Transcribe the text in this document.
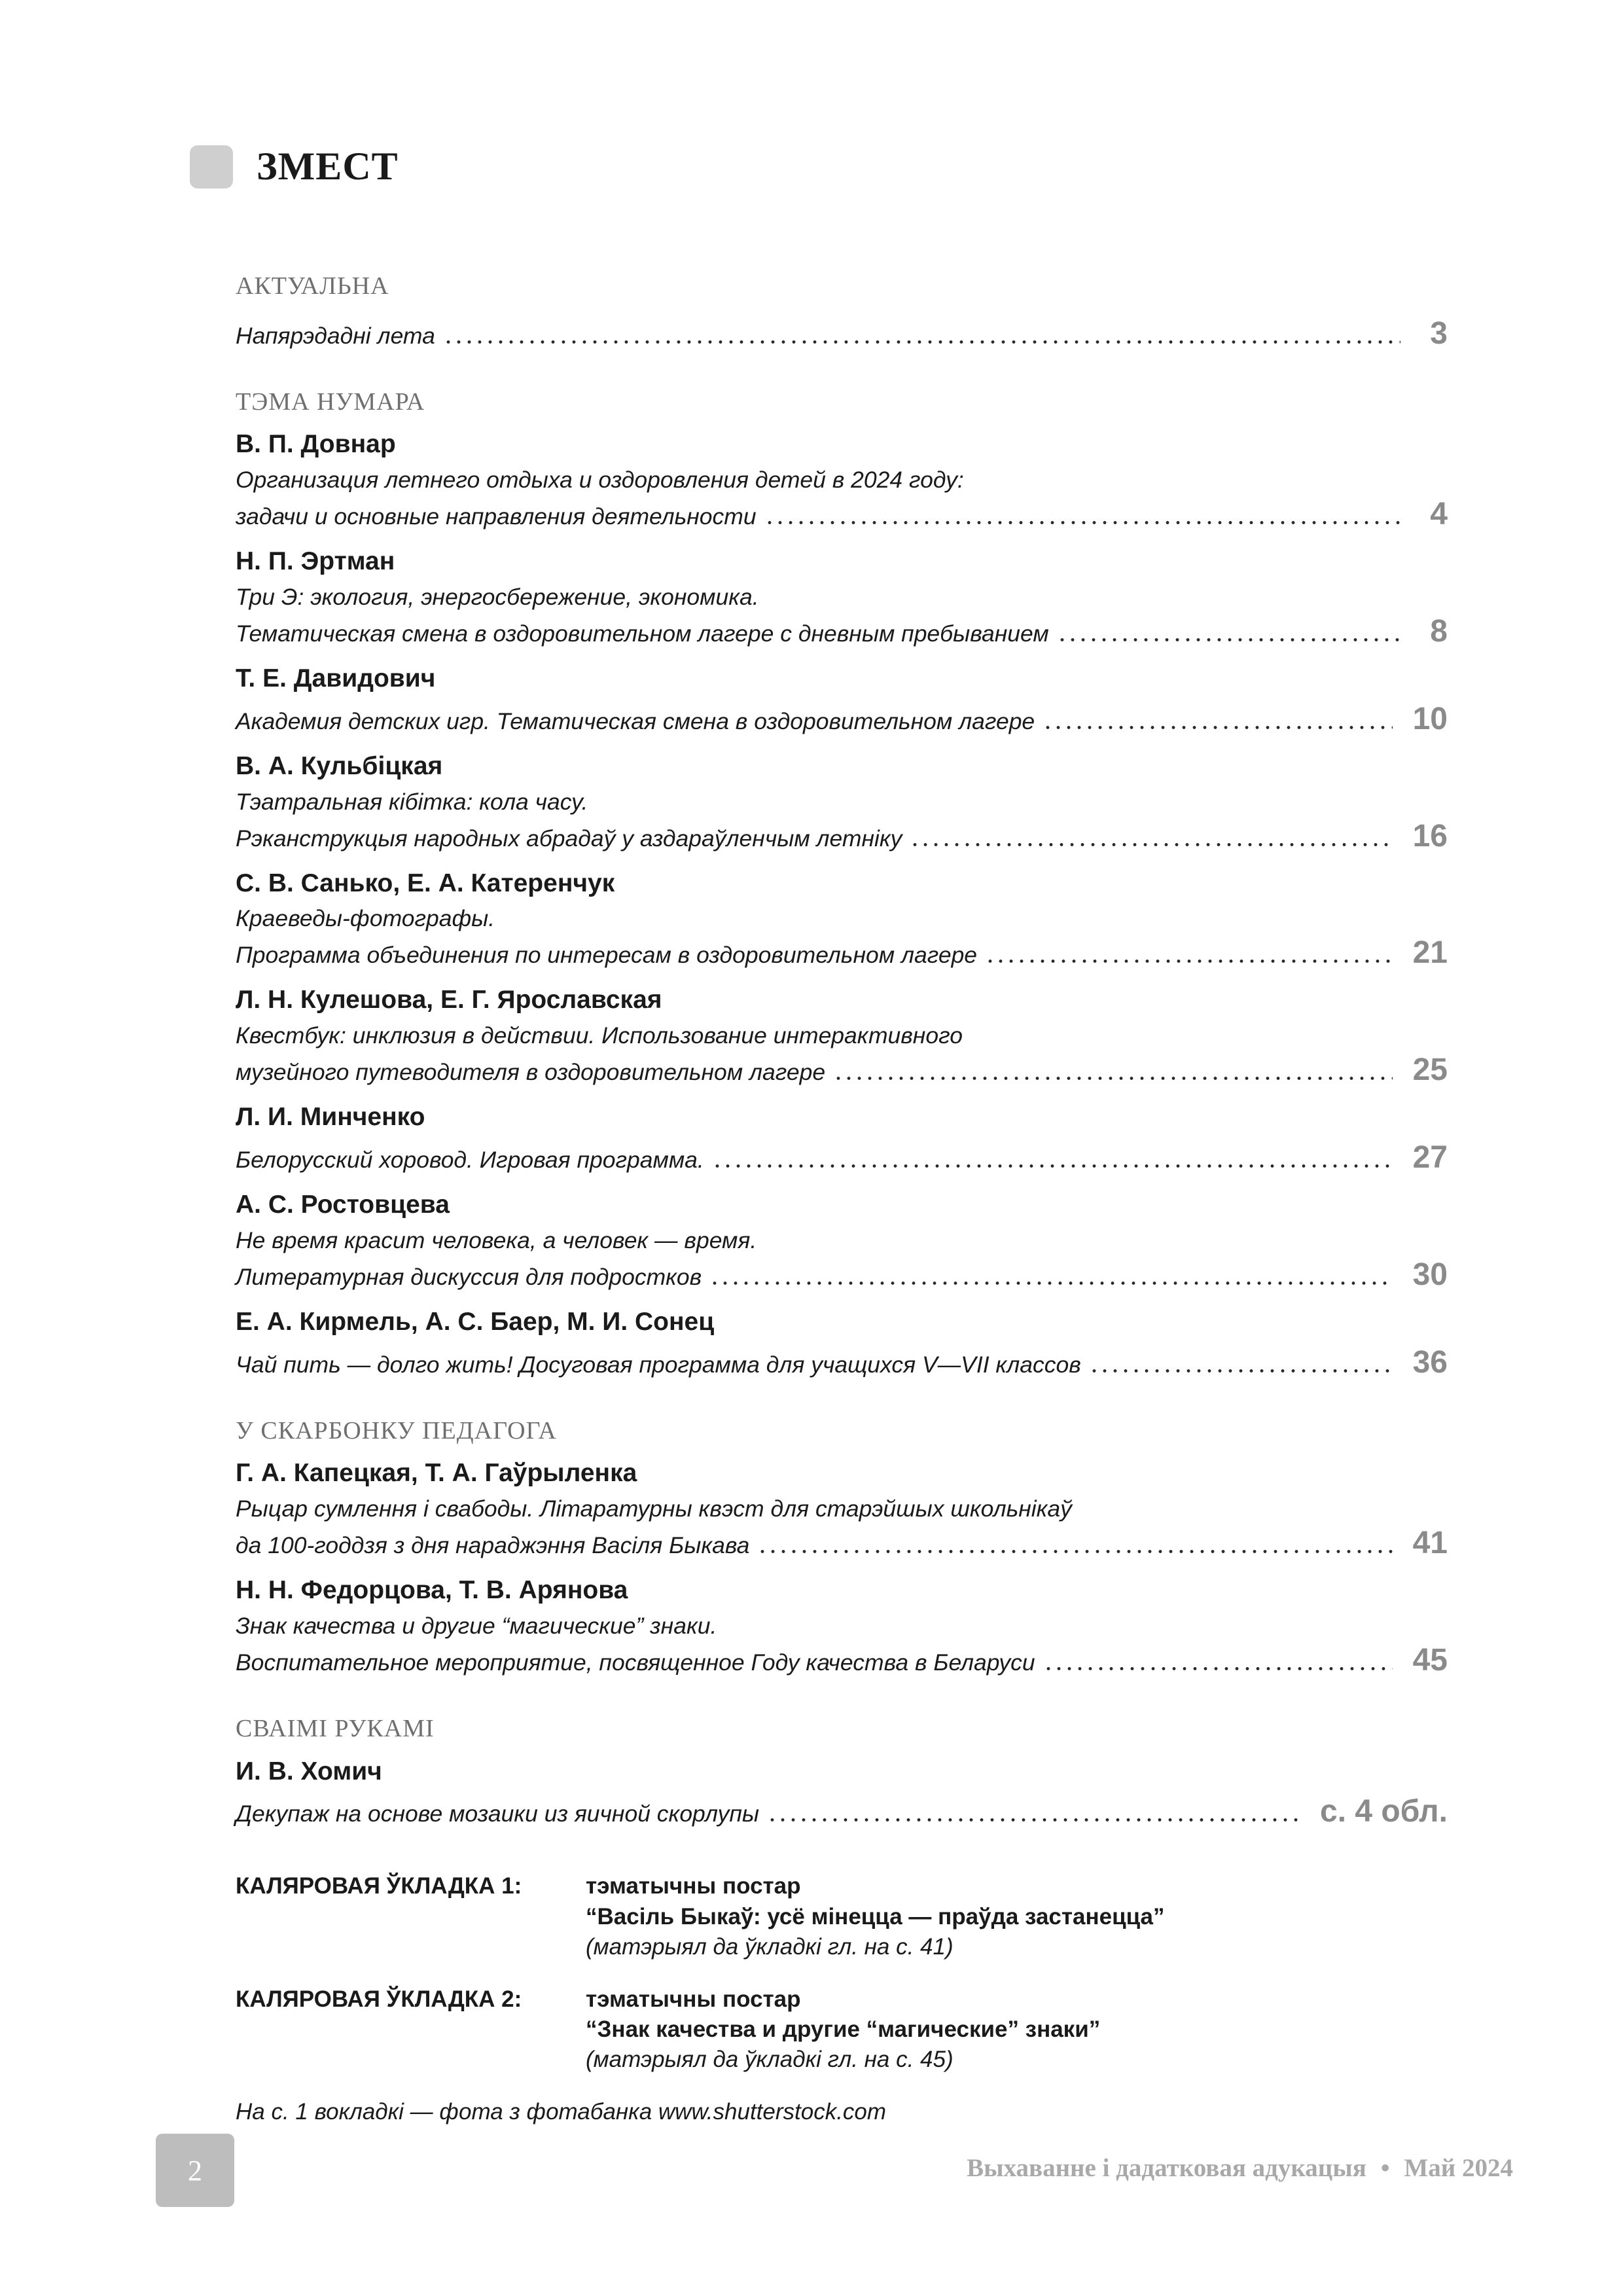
ЗМЕСТ
АКТУАЛЬНА
Напярэдадні лета	3
ТЭМА НУМАРА
В. П. Довнар
Организация летнего отдыха и оздоровления детей в 2024 году:
задачи и основные направления деятельности	4
Н. П. Эртман
Три Э: экология, энергосбережение, экономика.
Тематическая смена в оздоровительном лагере с дневным пребыванием	8
Т. Е. Давидович
Академия детских игр. Тематическая смена в оздоровительном лагере	10
В. А. Кульбіцкая
Тэатральная кібітка: кола часу.
Рэканструкцыя народных абрадаў у аздараўленчым летніку	16
С. В. Санько, Е. А. Катеренчук
Краеведы-фотографы.
Программа объединения по интересам в оздоровительном лагере	21
Л. Н. Кулешова, Е. Г. Ярославская
Квестбук: инклюзия в действии. Использование интерактивного
музейного путеводителя в оздоровительном лагере	25
Л. И. Минченко
Белорусский хоровод. Игровая программа.	27
А. С. Ростовцева
Не время красит человека, а человек — время.
Литературная дискуссия для подростков	30
Е. А. Кирмель, А. С. Баер, М. И. Сонец
Чай пить — долго жить! Досуговая программа для учащихся V—VII классов	36
У СКАРБОНКУ ПЕДАГОГА
Г. А. Капецкая, Т. А. Гаўрыленка
Рыцар сумлення і свабоды. Літаратурны квэст для старэйшых школьнікаў
да 100-годдзя з дня нараджэння Васіля Быкава	41
Н. Н. Федорцова, Т. В. Арянова
Знак качества и другие “магические” знаки.
Воспитательное мероприятие, посвященное Году качества в Беларуси	45
СВАІМІ РУКАМІ
И. В. Хомич
Декупаж на основе мозаики из яичной скорлупы	с. 4 обл.
КАЛЯРОВАЯ ЎКЛАДКА 1:	тэматычны постар
“Васіль Быкаў: усё мінецца — праўда застанецца”
(матэрыял да ўкладкі гл. на с. 41)
КАЛЯРОВАЯ ЎКЛАДКА 2:	тэматычны постар
“Знак качества и другие “магические” знаки”
(матэрыял да ўкладкі гл. на с. 45)
На с. 1 вокладкі — фота з фотабанка www.shutterstock.com
2	Выхаванне і дадатковая адукацыя • Май 2024
